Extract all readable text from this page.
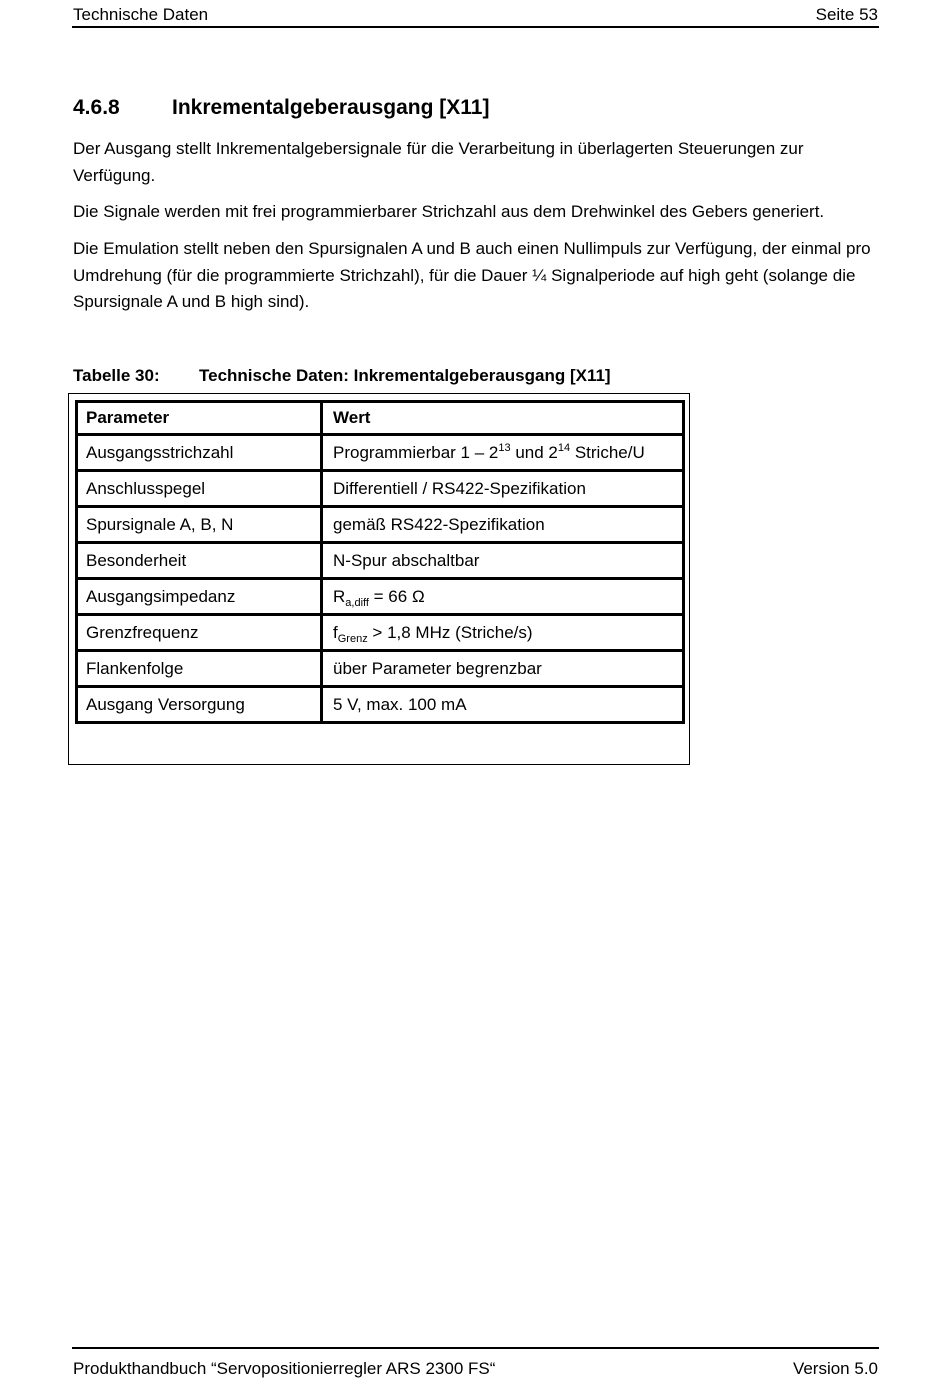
Technische Daten	Seite 53
4.6.8 Inkrementalgeberausgang [X11]
Der Ausgang stellt Inkrementalgebersignale für die Verarbeitung in überlagerten Steuerungen zur Verfügung.
Die Signale werden mit frei programmierbarer Strichzahl aus dem Drehwinkel des Gebers generiert.
Die Emulation stellt neben den Spursignalen A und B auch einen Nullimpuls zur Verfügung, der einmal pro Umdrehung (für die programmierte Strichzahl), für die Dauer ¼ Signalperiode auf high geht (solange die Spursignale A und B high sind).
Tabelle 30: Technische Daten: Inkrementalgeberausgang [X11]
Parameter	Wert
Ausgangsstrichzahl	Programmierbar $1 - 2^{13}$ und $2^{14}$ Striche/U
Anschlusspegel	Differentiell / RS422-Spezifikation
Spursignale A, B, N	gemäß RS422-Spezifikation
Besonderheit	N-Spur abschaltbar
Ausgangsimpedanz	$R_{a,diff} = 66$ Ω
Grenzfrequenz	$f_{Grenz} > 1,8$ MHz (Striche/s)
Flankenfolge	über Parameter begrenzbar
Ausgang Versorgung	5 V, max. 100 mA
Produkthandbuch “Servopositionierregler ARS 2300 FS“	Version 5.0
